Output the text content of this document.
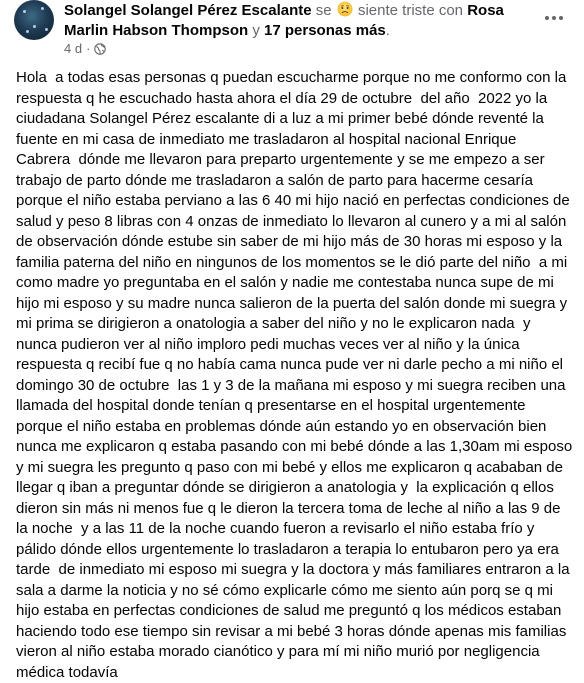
Solangel Solangel Pérez Escalante se siente triste con Rosa Marlin Habson Thompson y 17 personas más.
4 d ·
Hola  a todas esas personas q puedan escucharme porque no me conformo con la respuesta q he escuchado hasta ahora el día 29 de octubre  del año  2022 yo la ciudadana Solangel Pérez escalante di a luz a mi primer bebé dónde reventé la fuente en mi casa de inmediato me trasladaron al hospital nacional Enrique Cabrera  dónde me llevaron para preparto urgentemente y se me empezo a ser trabajo de parto dónde me trasladaron a salón de parto para hacerme cesaría porque el niño estaba perviano a las 6 40 mi hijo nació en perfectas condiciones de salud y peso 8 libras con 4 onzas de inmediato lo llevaron al cunero y a mi al salón de observación dónde estube sin saber de mi hijo más de 30 horas mi esposo y la familia paterna del niño en ningunos de los momentos se le dió parte del niño  a mi como madre yo preguntaba en el salón y nadie me contestaba nunca supe de mi hijo mi esposo y su madre nunca salieron de la puerta del salón donde mi suegra y mi prima se dirigieron a onatologia a saber del niño y no le explicaron nada  y nunca pudieron ver al niño imploro pedi muchas veces ver al niño y la única respuesta q recibí fue q no había cama nunca pude ver ni darle pecho a mi niño el domingo 30 de octubre  las 1 y 3 de la mañana mi esposo y mi suegra reciben una llamada del hospital donde tenían q presentarse en el hospital urgentemente porque el niño estaba en problemas dónde aún estando yo en observación bien nunca me explicaron q estaba pasando con mi bebé dónde a las 1,30am mi esposo y mi suegra les pregunto q paso con mi bebé y ellos me explicaron q acababan de llegar q iban a preguntar dónde se dirigieron a anatologia y  la explicación q ellos dieron sin más ni menos fue q le dieron la tercera toma de leche al niño a las 9 de la noche  y a las 11 de la noche cuando fueron a revisarlo el niño estaba frío y pálido dónde ellos urgentemente lo trasladaron a terapia lo entubaron pero ya era tarde  de inmediato mi esposo mi suegra y la doctora y más familiares entraron a la sala a darme la noticia y no sé cómo explicarle cómo me siento aún porq se q mi hijo estaba en perfectas condiciones de salud me preguntó q los médicos estaban haciendo todo ese tiempo sin revisar a mi bebé 3 horas dónde apenas mis familias vieron al niño estaba morado cianótico y para mí mi niño murió por negligencia médica todavía
